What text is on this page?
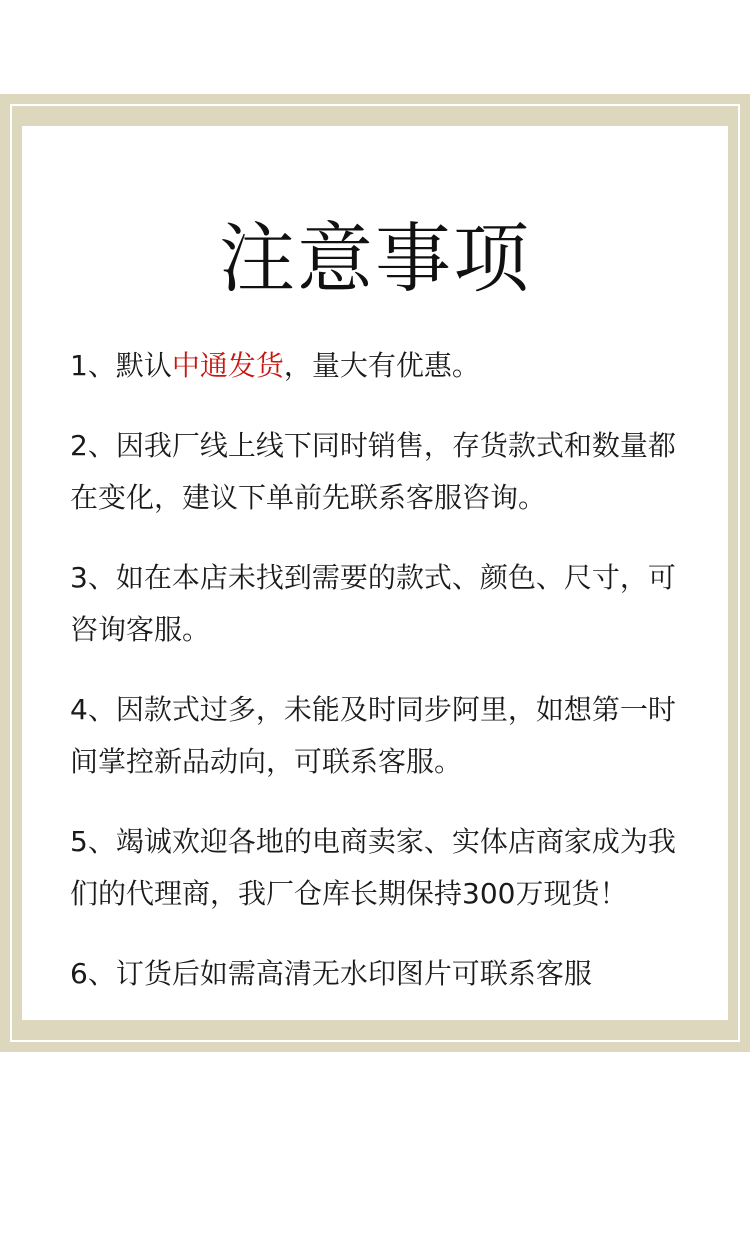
注意事项

1、默认中通发货，量大有优惠。

2、因我厂线上线下同时销售，存货款式和数量都在变化，建议下单前先联系客服咨询。

3、如在本店未找到需要的款式、颜色、尺寸，可咨询客服。

4、因款式过多，未能及时同步阿里，如想第一时间掌控新品动向，可联系客服。

5、竭诚欢迎各地的电商卖家、实体店商家成为我们的代理商，我厂仓库长期保持300万现货！

6、订货后如需高清无水印图片可联系客服
